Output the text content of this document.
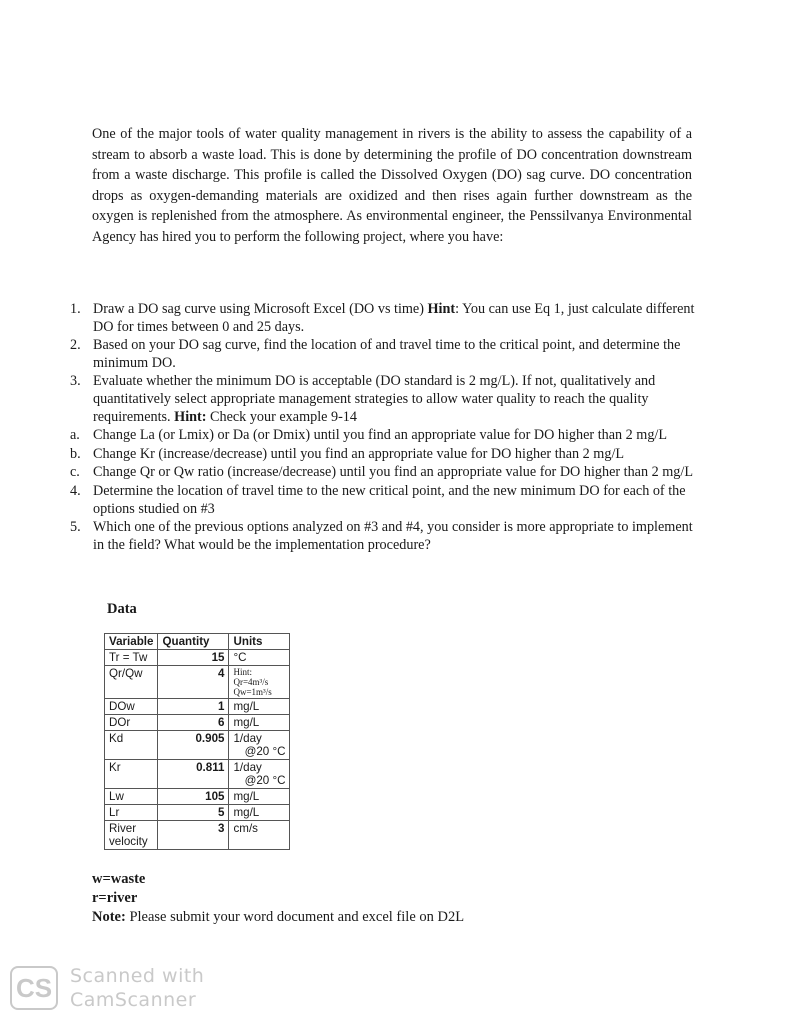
One of the major tools of water quality management in rivers is the ability to assess the capability of a stream to absorb a waste load. This is done by determining the profile of DO concentration downstream from a waste discharge. This profile is called the Dissolved Oxygen (DO) sag curve. DO concentration drops as oxygen-demanding materials are oxidized and then rises again further downstream as the oxygen is replenished from the atmosphere. As environmental engineer, the Penssilvanya Environmental Agency has hired you to perform the following project, where you have:

1. Draw a DO sag curve using Microsoft Excel (DO vs time) Hint: You can use Eq 1, just calculate different DO for times between 0 and 25 days.
2. Based on your DO sag curve, find the location of and travel time to the critical point, and determine the minimum DO.
3. Evaluate whether the minimum DO is acceptable (DO standard is 2 mg/L). If not, qualitatively and quantitatively select appropriate management strategies to allow water quality to reach the quality requirements. Hint: Check your example 9-14
a. Change La (or Lmix) or Da (or Dmix) until you find an appropriate value for DO higher than 2 mg/L
b. Change Kr (increase/decrease) until you find an appropriate value for DO higher than 2 mg/L
c. Change Qr or Qw ratio (increase/decrease) until you find an appropriate value for DO higher than 2 mg/L
4. Determine the location of travel time to the new critical point, and the new minimum DO for each of the options studied on #3
5. Which one of the previous options analyzed on #3 and #4, you consider is more appropriate to implement in the field? What would be the implementation procedure?
Data
Variable	Quantity	Units
Tr = Tw	15	°C
Qr/Qw	4	Hint:
Qr=4m³/s
Qw=1m³/s

DOw	1	mg/L
DOr	6	mg/L
Kd	0.905	1/day
@20 °C

Kr	0.811	1/day
@20 °C

Lw	105	mg/L
Lr	5	mg/L
River velocity	3	cm/s
w=waste
r=river
Note: Please submit your word document and excel file on D2L
CS Scanned with
CamScanner
